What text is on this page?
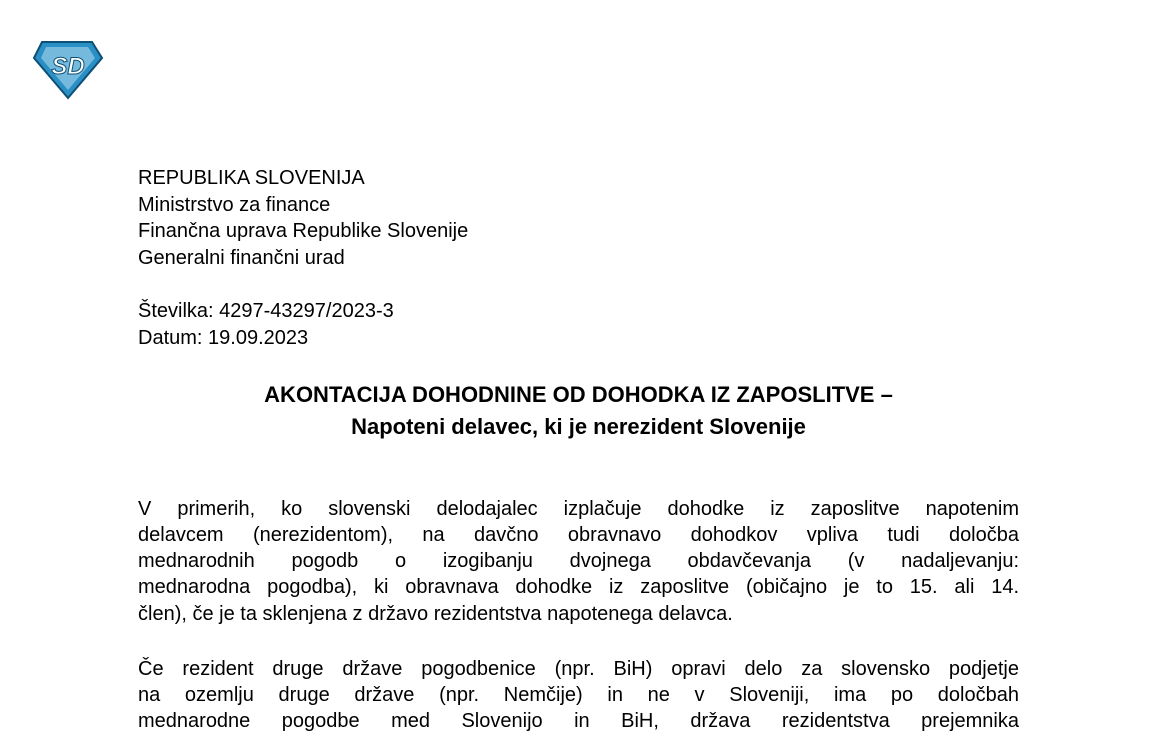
SD
REPUBLIKA SLOVENIJA
Ministrstvo za finance
Finančna uprava Republike Slovenije
Generalni finančni urad
Številka: 4297-43297/2023-3
Datum: 19.09.2023
AKONTACIJA DOHODNINE OD DOHODKA IZ ZAPOSLITVE –
Napoteni delavec, ki je nerezident Slovenije
V primerih, ko slovenski delodajalec izplačuje dohodke iz zaposlitve napotenim
delavcem (nerezidentom), na davčno obravnavo dohodkov vpliva tudi določba
mednarodnih pogodb o izogibanju dvojnega obdavčevanja (v nadaljevanju:
mednarodna pogodba), ki obravnava dohodke iz zaposlitve (običajno je to 15. ali 14.
člen), če je ta sklenjena z državo rezidentstva napotenega delavca.
Če rezident druge države pogodbenice (npr. BiH) opravi delo za slovensko podjetje
na ozemlju druge države (npr. Nemčije) in ne v Sloveniji, ima po določbah
mednarodne pogodbe med Slovenijo in BiH, država rezidentstva prejemnika
